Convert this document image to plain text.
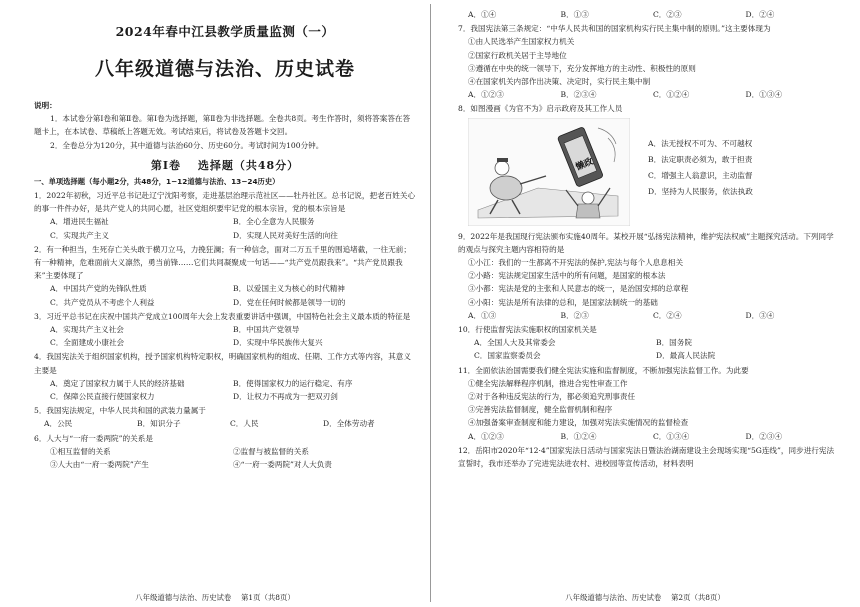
2024年春中江县教学质量监测（一）
八年级道德与法治、历史试卷
说明：
1．本试卷分第Ⅰ卷和第Ⅱ卷。第Ⅰ卷为选择题，第Ⅱ卷为非选择题。全卷共8页。考生作答时，须将答案答在答题卡上，在本试卷、草稿纸上答题无效。考试结束后，将试卷及答题卡交回。
2．全卷总分为120分，其中道德与法治60分、历史60分。考试时间为100分钟。
第Ⅰ卷　 选择题（共48分）
一、单项选择题（每小题2分，共48分，1−12道德与法治、13−24历史）
1．2022年初秋，习近平总书记赴辽宁沈阳考察，走进基层治理示范社区——牡丹社区。总书记说，把老百姓关心的事一件件办好，是共产党人的共同心愿，社区党组织要牢记党的根本宗旨，党的根本宗旨是
A．增进民生福祉	B．全心全意为人民服务
C．实现共产主义	D．实现人民对美好生活的向往
2．有一种担当，生死存亡关头敢于横刀立马，力挽狂澜；有一种信念，面对二万五千里的围追堵截，一往无前；有一种精神，危难面前大义凛然，勇当前锋……它们共同凝聚成一句话——“共产党员跟我来”。“共产党员跟我来”主要体现了
A．中国共产党的先锋队性质	B．以爱国主义为核心的时代精神
C．共产党员从不考虑个人利益	D．党在任何时候都是领导一切的
3．习近平总书记在庆祝中国共产党成立100周年大会上发表重要讲话中强调，中国特色社会主义最本质的特征是
A．实现共产主义社会	B．中国共产党领导
C．全面建成小康社会	D．实现中华民族伟大复兴
4．我国宪法关于组织国家机构，授予国家机构特定职权，明确国家机构的组成、任期、工作方式等内容，其意义主要是
A．奠定了国家权力属于人民的经济基础	B．使得国家权力的运行稳定、有序
C．保障公民直接行使国家权力	D．让权力不再成为一把双刃剑
5．我国宪法规定，中华人民共和国的武装力量属于
A．公民	B．知识分子	C．人民	D．全体劳动者
6．人大与“一府一委两院”的关系是
①相互监督的关系	②监督与被监督的关系
③人大由“一府一委两院”产生	④“一府一委两院”对人大负责
八年级道德与法治、历史试卷　 第1页（共8页）
A．①④	B．①③	C．②③	D．②④
7．我国宪法第三条规定：“中华人民共和国的国家机构实行民主集中制的原则。”这主要体现为
①由人民选举产生国家权力机关
②国家行政机关居于主导地位
③遵循在中央的统一领导下，充分发挥地方的主动性、积极性的原则
④在国家机关内部作出决策、决定时，实行民主集中制
A．①②③	B．②③④	C．①②④	D．①③④
8．如图漫画《为官不为》启示政府及其工作人员
懒政
A．法无授权不可为、不可越权
B．法定职责必须为，敢于担责
C．增强主人翁意识，主动监督
D．坚持为人民服务，依法执政
9．2022年是我国现行宪法颁布实施40周年。某校开展“弘扬宪法精神，维护宪法权威”主题探究活动。下列同学的观点与探究主题内容相符的是
①小江：我们的一生都离不开宪法的保护,宪法与每个人息息相关
②小路：宪法规定国家生活中的所有问题，是国家的根本法
③小都：宪法是党的主张和人民意志的统一，是治国安邦的总章程
④小阳：宪法是所有法律的总和，是国家法制统一的基础
A．①③	B．②③	C．②④	D．③④
10．行使监督宪法实施职权的国家机关是
A．全国人大及其常委会	B．国务院
C．国家监察委员会	D．最高人民法院
11．全面依法治国需要我们健全宪法实施和监督制度，不断加强宪法监督工作。为此要
①健全宪法解释程序机制，推进合宪性审查工作
②对于各种违反宪法的行为，都必须追究刑事责任
③完善宪法监督制度，健全监督机制和程序
④加强备案审查制度和能力建设，加强对宪法实施情况的监督检查
A．①②③	B．①②④	C．①③④	D．②③④
12．岳阳市2020年“12·4”国家宪法日活动与国家宪法日暨法治湖南建设主会现场实现“5G连线”，同步进行宪法宣誓时，我市还举办了完进宪法进农村、进校园等宣传活动，材料表明
八年级道德与法治、历史试卷　 第2页（共8页）
